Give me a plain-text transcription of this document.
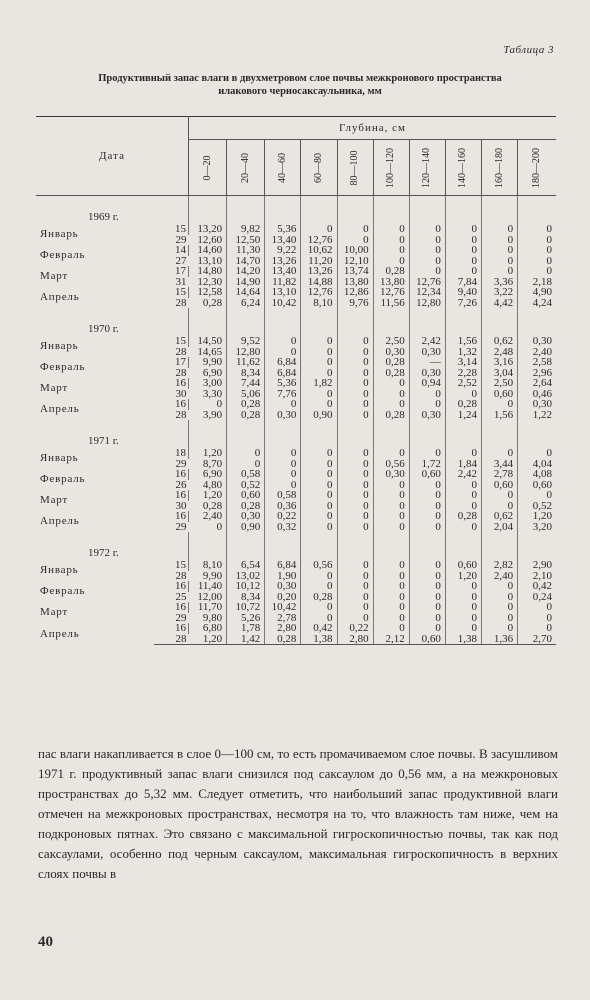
Таблица 3
Продуктивный запас влаги в двухметровом слое почвы межкронового пространства
илакового черносаксаульника, мм
Дата		Глубина, см									

		0—20	20—40	40—60	60—80	80—100	100—120	120—140	140—160	160—180	180—200

1969 г.											
Январь	15	13,20	9,82	5,36	0	0	0	0	0	0	0
	29	12,60	12,50	13,40	12,76	0	0	0	0	0	0
Февраль	14	14,60	11,30	9,22	10,62	10,00	0	0	0	0	0
	27	13,10	14,70	13,26	11,20	12,10	0	0	0	0	0
Март	17	14,80	14,20	13,40	13,26	13,74	0,28	0	0	0	0
	31	12,30	14,90	11,82	14,88	13,80	13,80	12,76	7,84	3,36	2,18
Апрель	15	12,58	14,64	13,10	12,76	12,86	12,76	12,34	9,40	3,22	4,90
	28	0,28	6,24	10,42	8,10	9,76	11,56	12,80	7,26	4,42	4,24
1970 г.											
Январь	15	14,50	9,52	0	0	0	2,50	2,42	1,56	0,62	0,30
	28	14,65	12,80	0	0	0	0,30	0,30	1,32	2,48	2,40
Февраль	17	9,90	11,62	6,84	0	0	0,28	—	3,14	3,16	2,58
	28	6,90	8,34	6,84	0	0	0,28	0,30	2,28	3,04	2,96
Март	16	3,00	7,44	5,36	1,82	0	0	0,94	2,52	2,50	2,64
	30	3,30	5,06	7,76	0	0	0	0	0	0,60	0,46
Апрель	16	0	0,28	0	0	0	0	0	0,28	0	0,30
	28	3,90	0,28	0,30	0,90	0	0,28	0,30	1,24	1,56	1,22
1971 г.											
Январь	18	1,20	0	0	0	0	0	0	0	0	0
	29	8,70	0	0	0	0	0,56	1,72	1,84	3,44	4,04
Февраль	16	6,90	0,58	0	0	0	0,30	0,60	2,42	2,78	4,08
	26	4,80	0,52	0	0	0	0	0	0	0,60	0,60
Март	16	1,20	0,60	0,58	0	0	0	0	0	0	0
	30	0,28	0,28	0,36	0	0	0	0	0	0	0,52
Апрель	16	2,40	0,30	0,22	0	0	0	0	0,28	0,62	1,20
	29	0	0,90	0,32	0	0	0	0	0	2,04	3,20
1972 г.											
Январь	15	8,10	6,54	6,84	0,56	0	0	0	0,60	2,82	2,90
	28	9,90	13,02	1,90	0	0	0	0	1,20	2,40	2,10
Февраль	16	11,40	10,12	0,30	0	0	0	0	0	0	0,42
	25	12,00	8,34	0,20	0,28	0	0	0	0	0	0,24
Март	16	11,70	10,72	10,42	0	0	0	0	0	0	0
	29	9,80	5,26	2,78	0	0	0	0	0	0	0
Апрель	16	6,80	1,78	2,80	0,42	0,22	0	0	0	0	0
	28	1,20	1,42	0,28	1,38	2,80	2,12	0,60	1,38	1,36	2,70

пас влаги накапливается в слое 0—100 см, то есть промачиваемом слое почвы. В засушливом 1971 г. продуктивный запас влаги снизился под саксаулом до 0,56 мм, а на межкроновых пространствах до 5,32 мм. Следует отметить, что наибольший запас продуктивной влаги отмечен на межкроновых пространствах, несмотря на то, что влажность там ниже, чем на подкроновых пятнах. Это связано с максимальной гигроскопичностью почвы, так как под саксаулами, особенно под черным саксаулом, максимальная гигроскопичность в верхних слоях почвы в

40
